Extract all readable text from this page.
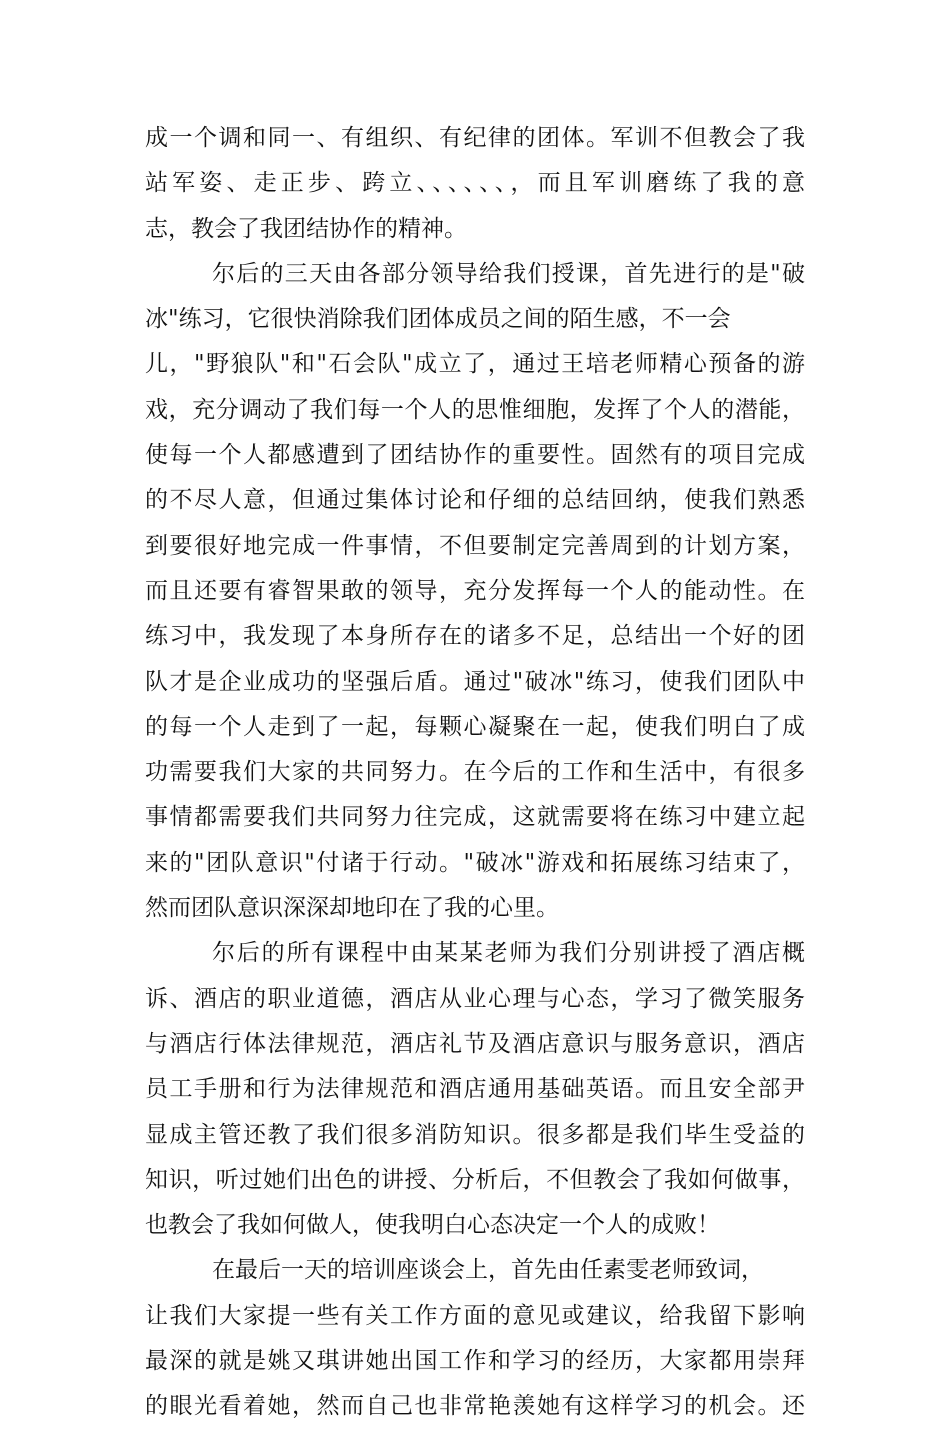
成一个调和同一、有组织、有纪律的团体。军训不但教会了我
站军姿、走正步、跨立、、、、、、，而且军训磨练了我的意
志，教会了我团结协作的精神。
尔后的三天由各部分领导给我们授课，首先进行的是"破
冰"练习，它很快消除我们团体成员之间的陌生感，不一会
儿，"野狼队"和"石会队"成立了，通过王培老师精心预备的游
戏，充分调动了我们每一个人的思惟细胞，发挥了个人的潜能，
使每一个人都感遭到了团结协作的重要性。固然有的项目完成
的不尽人意，但通过集体讨论和仔细的总结回纳，使我们熟悉
到要很好地完成一件事情，不但要制定完善周到的计划方案，
而且还要有睿智果敢的领导，充分发挥每一个人的能动性。在
练习中，我发现了本身所存在的诸多不足，总结出一个好的团
队才是企业成功的坚强后盾。通过"破冰"练习，使我们团队中
的每一个人走到了一起，每颗心凝聚在一起，使我们明白了成
功需要我们大家的共同努力。在今后的工作和生活中，有很多
事情都需要我们共同努力往完成，这就需要将在练习中建立起
来的"团队意识"付诸于行动。"破冰"游戏和拓展练习结束了，
然而团队意识深深却地印在了我的心里。
尔后的所有课程中由某某老师为我们分别讲授了酒店概
诉、酒店的职业道德，酒店从业心理与心态，学习了微笑服务
与酒店行体法律规范，酒店礼节及酒店意识与服务意识，酒店
员工手册和行为法律规范和酒店通用基础英语。而且安全部尹
显成主管还教了我们很多消防知识。很多都是我们毕生受益的
知识，听过她们出色的讲授、分析后，不但教会了我如何做事，
也教会了我如何做人，使我明白心态决定一个人的成败！
在最后一天的培训座谈会上，首先由任素雯老师致词，
让我们大家提一些有关工作方面的意见或建议，给我留下影响
最深的就是姚又琪讲她出国工作和学习的经历，大家都用崇拜
的眼光看着她，然而自己也非常艳羡她有这样学习的机会。还
